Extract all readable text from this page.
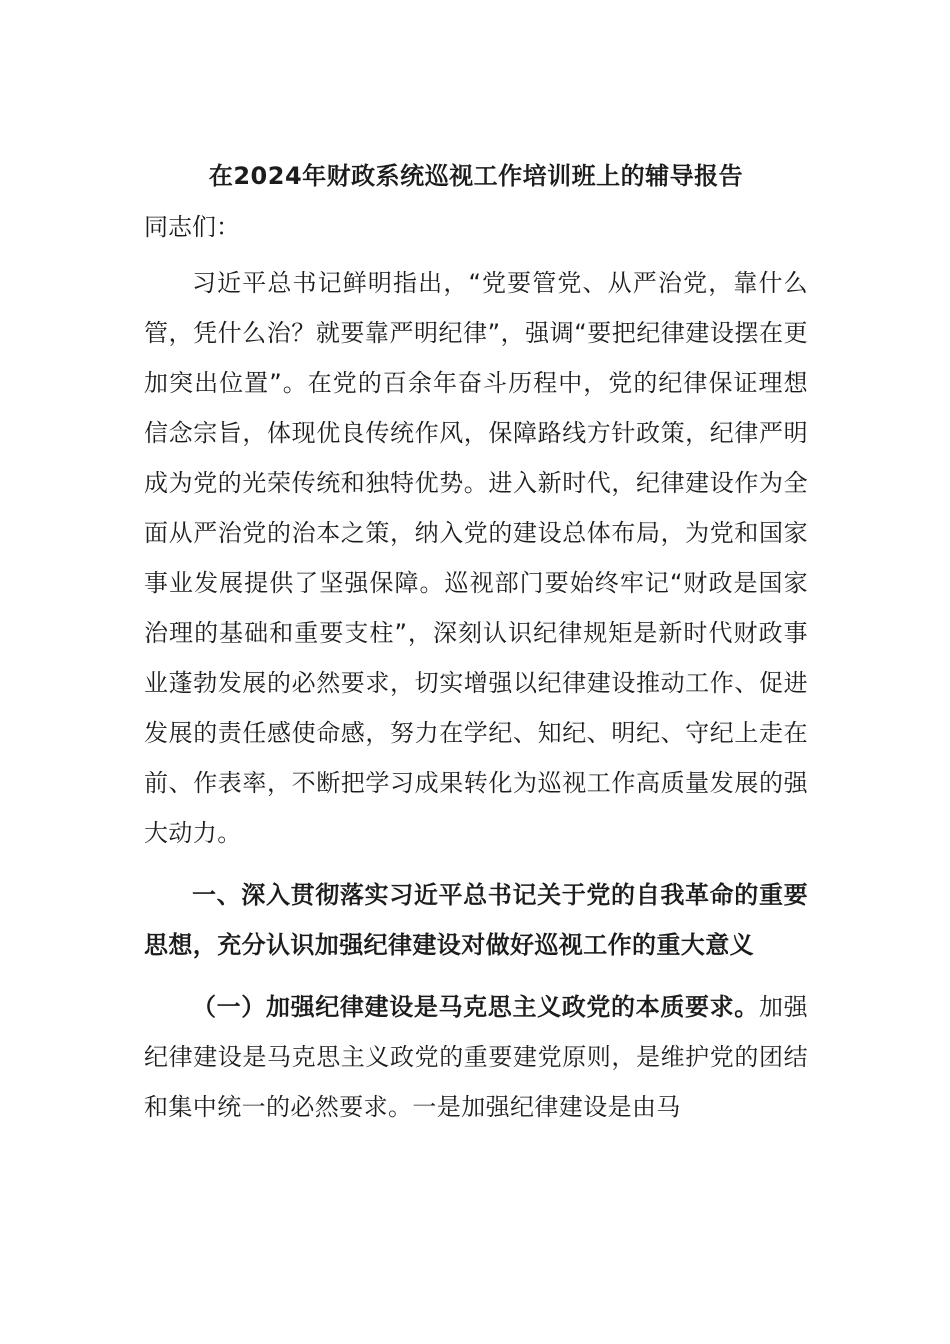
在2024年财政系统巡视工作培训班上的辅导报告

同志们：

习近平总书记鲜明指出，“党要管党、从严治党，靠什么管，凭什么治？就要靠严明纪律”，强调“要把纪律建设摆在更加突出位置”。在党的百余年奋斗历程中，党的纪律保证理想信念宗旨，体现优良传统作风，保障路线方针政策，纪律严明成为党的光荣传统和独特优势。进入新时代，纪律建设作为全面从严治党的治本之策，纳入党的建设总体布局，为党和国家事业发展提供了坚强保障。巡视部门要始终牢记“财政是国家治理的基础和重要支柱”，深刻认识纪律规矩是新时代财政事业蓬勃发展的必然要求，切实增强以纪律建设推动工作、促进发展的责任感使命感，努力在学纪、知纪、明纪、守纪上走在前、作表率，不断把学习成果转化为巡视工作高质量发展的强大动力。

一、深入贯彻落实习近平总书记关于党的自我革命的重要思想，充分认识加强纪律建设对做好巡视工作的重大意义

（一）加强纪律建设是马克思主义政党的本质要求。加强纪律建设是马克思主义政党的重要建党原则，是维护党的团结和集中统一的必然要求。一是加强纪律建设是由马
